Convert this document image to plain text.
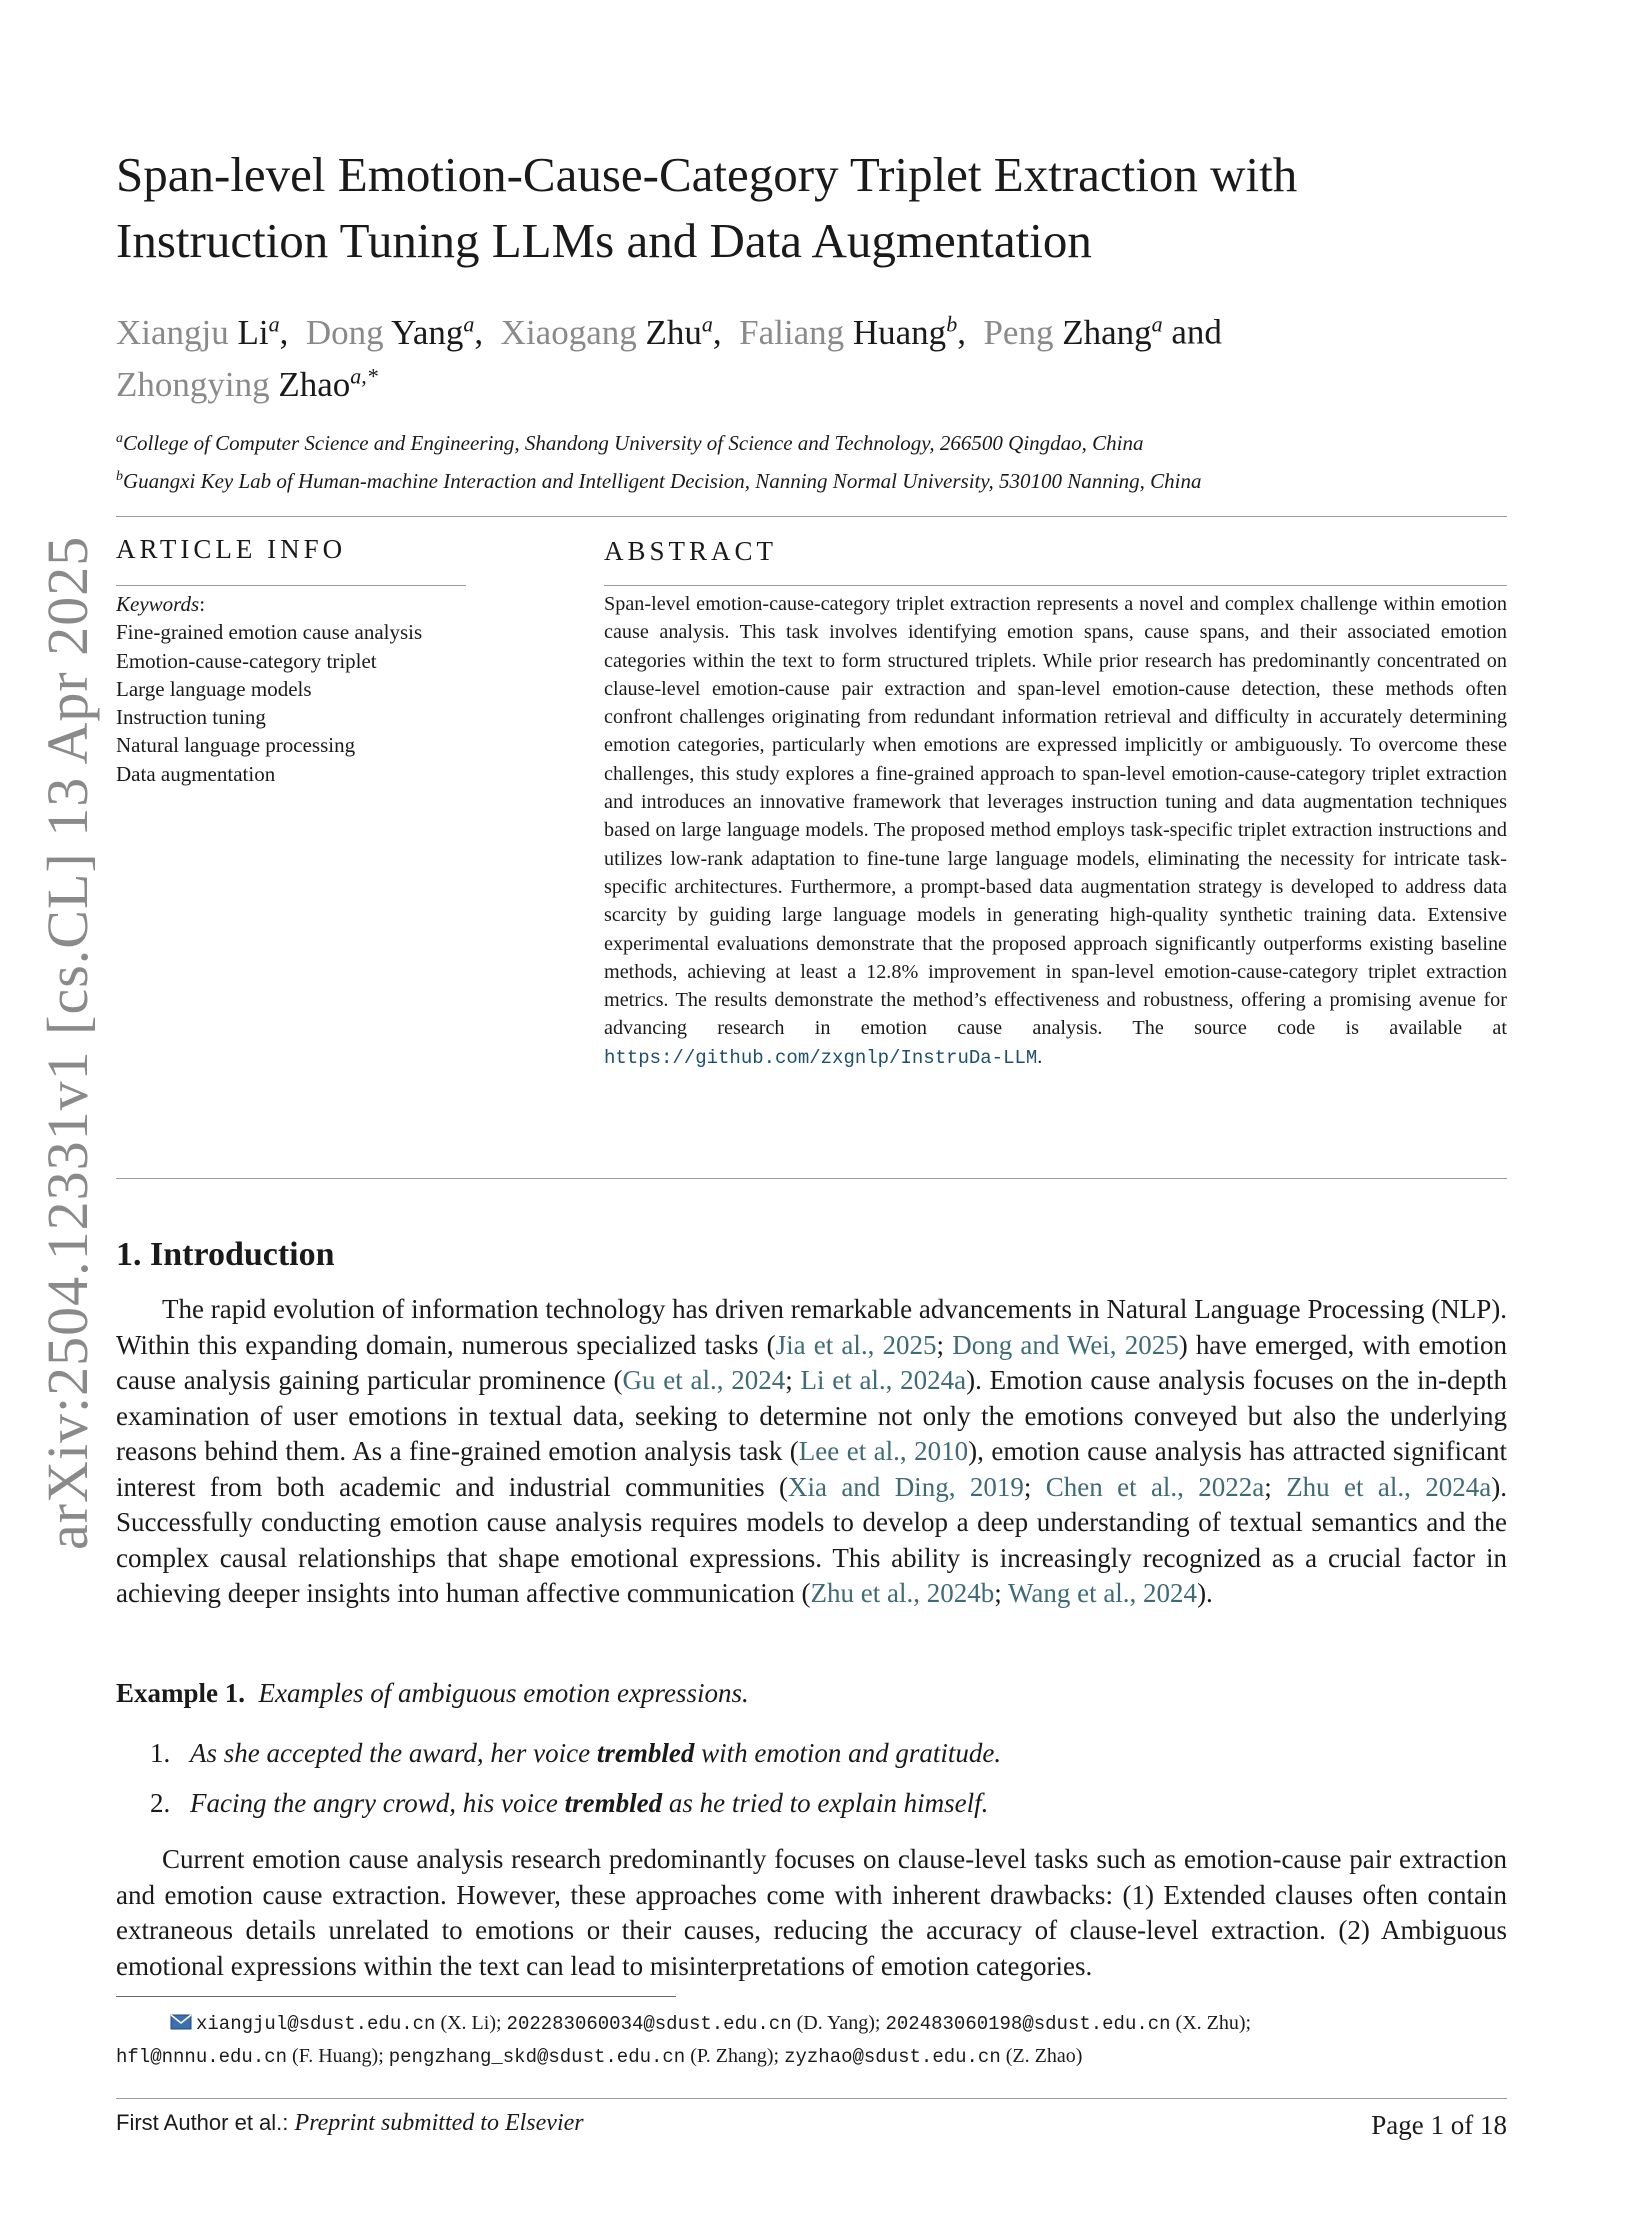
arXiv:2504.12331v1 [cs.CL] 13 Apr 2025
Span-level Emotion-Cause-Category Triplet Extraction with
Instruction Tuning LLMs and Data Augmentation
Xiangju Li$^a$,  Dong Yang$^a$,  Xiaogang Zhu$^a$,  Faliang Huang$^b$,  Peng Zhang$^a$ and
Zhongying Zhao$^{a,*}$
$^a$College of Computer Science and Engineering, Shandong University of Science and Technology, 266500 Qingdao, China
$^b$Guangxi Key Lab of Human-machine Interaction and Intelligent Decision, Nanning Normal University, 530100 Nanning, China
ARTICLE INFO	ABSTRACT
Keywords:
Fine-grained emotion cause analysis
Emotion-cause-category triplet
Large language models
Instruction tuning
Natural language processing
Data augmentation
Span-level emotion-cause-category triplet extraction represents a novel and complex challenge within emotion cause analysis. This task involves identifying emotion spans, cause spans, and their associated emotion categories within the text to form structured triplets. While prior research has predominantly concentrated on clause-level emotion-cause pair extraction and span-level emotion-cause detection, these methods often confront challenges originating from redundant information retrieval and difficulty in accurately determining emotion categories, particularly when emotions are expressed implicitly or ambiguously. To overcome these challenges, this study explores a fine-grained approach to span-level emotion-cause-category triplet extraction and introduces an innovative framework that leverages instruction tuning and data augmentation techniques based on large language models. The proposed method employs task-specific triplet extraction instructions and utilizes low-rank adaptation to fine-tune large language models, eliminating the necessity for intricate task-specific architectures. Furthermore, a prompt-based data augmentation strategy is developed to address data scarcity by guiding large language models in generating high-quality synthetic training data. Extensive experimental evaluations demonstrate that the proposed approach significantly outperforms existing baseline methods, achieving at least a 12.8% improvement in span-level emotion-cause-category triplet extraction metrics. The results demonstrate the method’s effectiveness and robustness, offering a promising avenue for advancing research in emotion cause analysis. The source code is available at https://github.com/zxgnlp/InstruDa-LLM.
1. Introduction

The rapid evolution of information technology has driven remarkable advancements in Natural Language Processing (NLP). Within this expanding domain, numerous specialized tasks (Jia et al., 2025; Dong and Wei, 2025) have emerged, with emotion cause analysis gaining particular prominence (Gu et al., 2024; Li et al., 2024a). Emotion cause analysis focuses on the in-depth examination of user emotions in textual data, seeking to determine not only the emotions conveyed but also the underlying reasons behind them. As a fine-grained emotion analysis task (Lee et al., 2010), emotion cause analysis has attracted significant interest from both academic and industrial communities (Xia and Ding, 2019; Chen et al., 2022a; Zhu et al., 2024a). Successfully conducting emotion cause analysis requires models to develop a deep understanding of textual semantics and the complex causal relationships that shape emotional expressions. This ability is increasingly recognized as a crucial factor in achieving deeper insights into human affective communication (Zhu et al., 2024b; Wang et al., 2024).

Example 1. Examples of ambiguous emotion expressions.
1. As she accepted the award, her voice trembled with emotion and gratitude.
2. Facing the angry crowd, his voice trembled as he tried to explain himself.

Current emotion cause analysis research predominantly focuses on clause-level tasks such as emotion-cause pair extraction and emotion cause extraction. However, these approaches come with inherent drawbacks: (1) Extended clauses often contain extraneous details unrelated to emotions or their causes, reducing the accuracy of clause-level extraction. (2) Ambiguous emotional expressions within the text can lead to misinterpretations of emotion categories.

xiangjul@sdust.edu.cn (X. Li); 202283060034@sdust.edu.cn (D. Yang); 202483060198@sdust.edu.cn (X. Zhu);
hfl@nnnu.edu.cn (F. Huang); pengzhang_skd@sdust.edu.cn (P. Zhang); zyzhao@sdust.edu.cn (Z. Zhao)
First Author et al.: Preprint submitted to Elsevier	Page 1 of 18
